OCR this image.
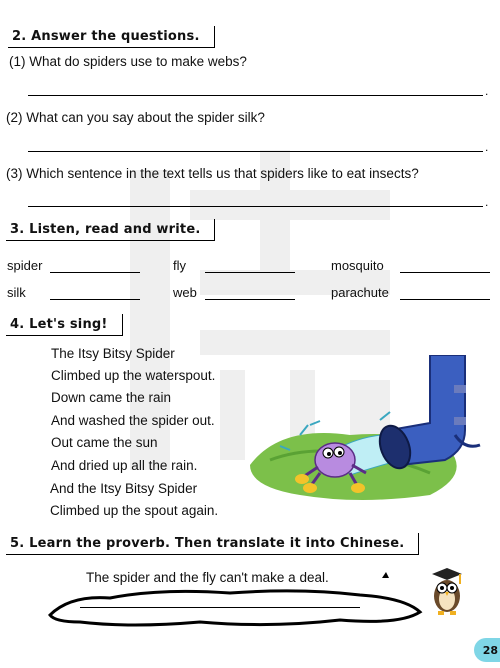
2. Answer the questions.
(1) What do spiders use to make webs?
.
(2) What can you say about the spider silk?
.
(3) Which sentence in the text tells us that spiders like to eat insects?
.
3. Listen, read and write.
spider	fly	mosquito
silk	web	parachute
4. Let's sing!
The Itsy Bitsy Spider
Climbed up the waterspout.
Down came the rain
And washed the spider out.
Out came the sun
And dried up all the rain.
And the Itsy Bitsy Spider
Climbed up the spout again.
5. Learn the proverb. Then translate it into Chinese.
The spider and the fly can't make a deal.
28
